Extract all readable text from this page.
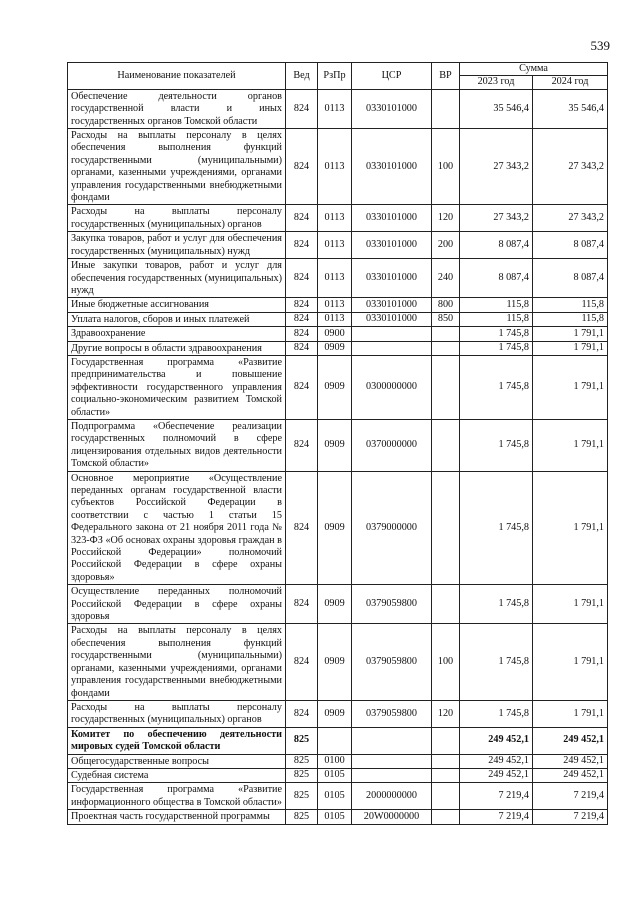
539
Наименование показателей	Вед	РзПр	ЦСР	ВР	Сумма	
					2023 год	2024 год
Обеспечение деятельности органов государственной власти и иных государственных органов Томской области	824	0113	0330101000		35 546,4	35 546,4
Расходы на выплаты персоналу в целях обеспечения выполнения функций государственными (муниципальными) органами, казенными учреждениями, органами управления государственными внебюджетными фондами	824	0113	0330101000	100	27 343,2	27 343,2
Расходы на выплаты персоналу государственных (муниципальных) органов	824	0113	0330101000	120	27 343,2	27 343,2
Закупка товаров, работ и услуг для обеспечения государственных (муниципальных) нужд	824	0113	0330101000	200	8 087,4	8 087,4
Иные закупки товаров, работ и услуг для обеспечения государственных (муниципальных) нужд	824	0113	0330101000	240	8 087,4	8 087,4
Иные бюджетные ассигнования	824	0113	0330101000	800	115,8	115,8
Уплата налогов, сборов и иных платежей	824	0113	0330101000	850	115,8	115,8
Здравоохранение	824	0900			1 745,8	1 791,1
Другие вопросы в области здравоохранения	824	0909			1 745,8	1 791,1
Государственная программа «Развитие предпринимательства и повышение эффективности государственного управления социально-экономическим развитием Томской области»	824	0909	0300000000		1 745,8	1 791,1
Подпрограмма «Обеспечение реализации государственных полномочий в сфере лицензирования отдельных видов деятельности Томской области»	824	0909	0370000000		1 745,8	1 791,1
Основное мероприятие «Осуществление переданных органам государственной власти субъектов Российской Федерации в соответствии с частью 1 статьи 15 Федерального закона от 21 ноября 2011 года № 323-ФЗ «Об основах охраны здоровья граждан в Российской Федерации» полномочий Российской Федерации в сфере охраны здоровья»	824	0909	0379000000		1 745,8	1 791,1
Осуществление переданных полномочий Российской Федерации в сфере охраны здоровья	824	0909	0379059800		1 745,8	1 791,1
Расходы на выплаты персоналу в целях обеспечения выполнения функций государственными (муниципальными) органами, казенными учреждениями, органами управления государственными внебюджетными фондами	824	0909	0379059800	100	1 745,8	1 791,1
Расходы на выплаты персоналу государственных (муниципальных) органов	824	0909	0379059800	120	1 745,8	1 791,1
Комитет по обеспечению деятельности мировых судей Томской области	825				249 452,1	249 452,1
Общегосударственные вопросы	825	0100			249 452,1	249 452,1
Судебная система	825	0105			249 452,1	249 452,1
Государственная программа «Развитие информационного общества в Томской области»	825	0105	2000000000		7 219,4	7 219,4
Проектная часть государственной программы	825	0105	20W0000000		7 219,4	7 219,4
